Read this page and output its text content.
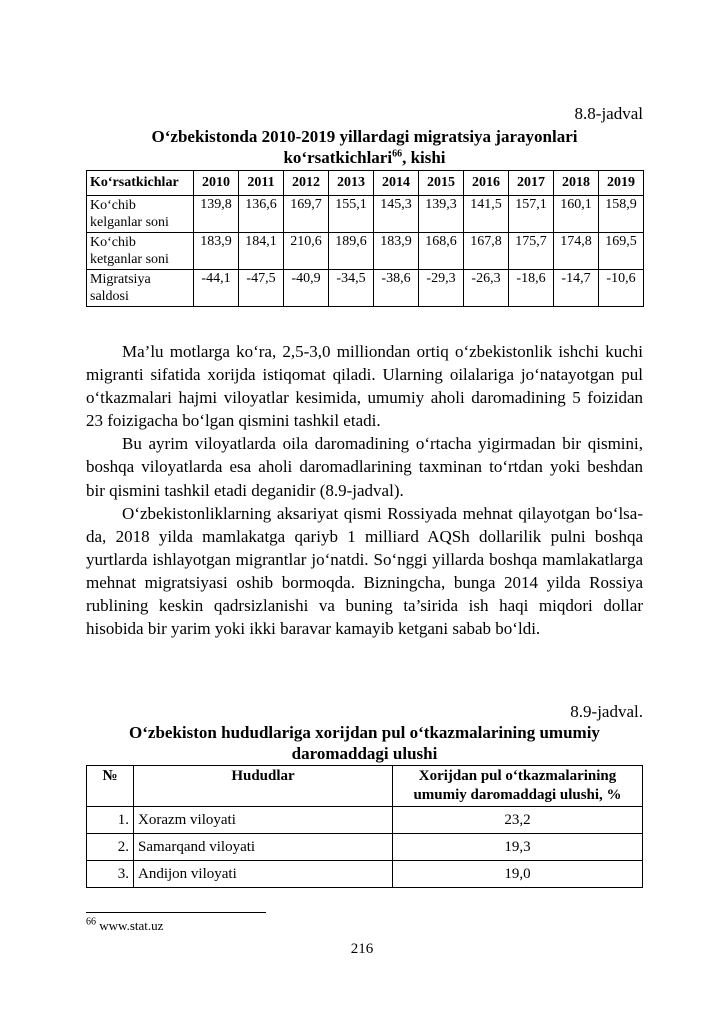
8.8-jadval
O‘zbekistonda 2010-2019 yillardagi migratsiya jarayonlari
ko‘rsatkichlari$^{66}$, kishi
Ko‘rsatkichlar	2010	2011	2012	2013	2014	2015	2016	2017	2018	2019
Ko‘chib kelganlar soni	139,8	136,6	169,7	155,1	145,3	139,3	141,5	157,1	160,1	158,9
Ko‘chib ketganlar soni	183,9	184,1	210,6	189,6	183,9	168,6	167,8	175,7	174,8	169,5
Migratsiya saldosi	-44,1	-47,5	-40,9	-34,5	-38,6	-29,3	-26,3	-18,6	-14,7	-10,6

Ma’lu motlarga ko‘ra, 2,5-3,0 milliondan ortiq o‘zbekistonlik ishchi kuchi migranti sifatida xorijda istiqomat qiladi. Ularning oilalariga jo‘natayotgan pul o‘tkazmalari hajmi viloyatlar kesimida, umumiy aholi daromadining 5 foizidan 23 foizigacha bo‘lgan qismini tashkil etadi.

Bu ayrim viloyatlarda oila daromadining o‘rtacha yigirmadan bir qismini, boshqa viloyatlarda esa aholi daromadlarining taxminan to‘rtdan yoki beshdan bir qismini tashkil etadi deganidir (8.9-jadval).

O‘zbekistonliklarning aksariyat qismi Rossiyada mehnat qilayotgan bo‘lsa-da, 2018 yilda mamlakatga qariyb 1 milliard AQSh dollarilik pulni boshqa yurtlarda ishlayotgan migrantlar jo‘natdi. So‘nggi yillarda boshqa mamlakatlarga mehnat migratsiyasi oshib bormoqda. Bizningcha, bunga 2014 yilda Rossiya rublining keskin qadrsizlanishi va buning ta’sirida ish haqi miqdori dollar hisobida bir yarim yoki ikki baravar kamayib ketgani sabab bo‘ldi.

8.9-jadval.
O‘zbekiston hududlariga xorijdan pul o‘tkazmalarining umumiy
daromaddagi ulushi
№	Hududlar	Xorijdan pul o‘tkazmalarining
umumiy daromaddagi ulushi, %

1.	Xorazm viloyati	23,2
2.	Samarqand viloyati	19,3
3.	Andijon viloyati	19,0
$^{66}$ www.stat.uz
216
